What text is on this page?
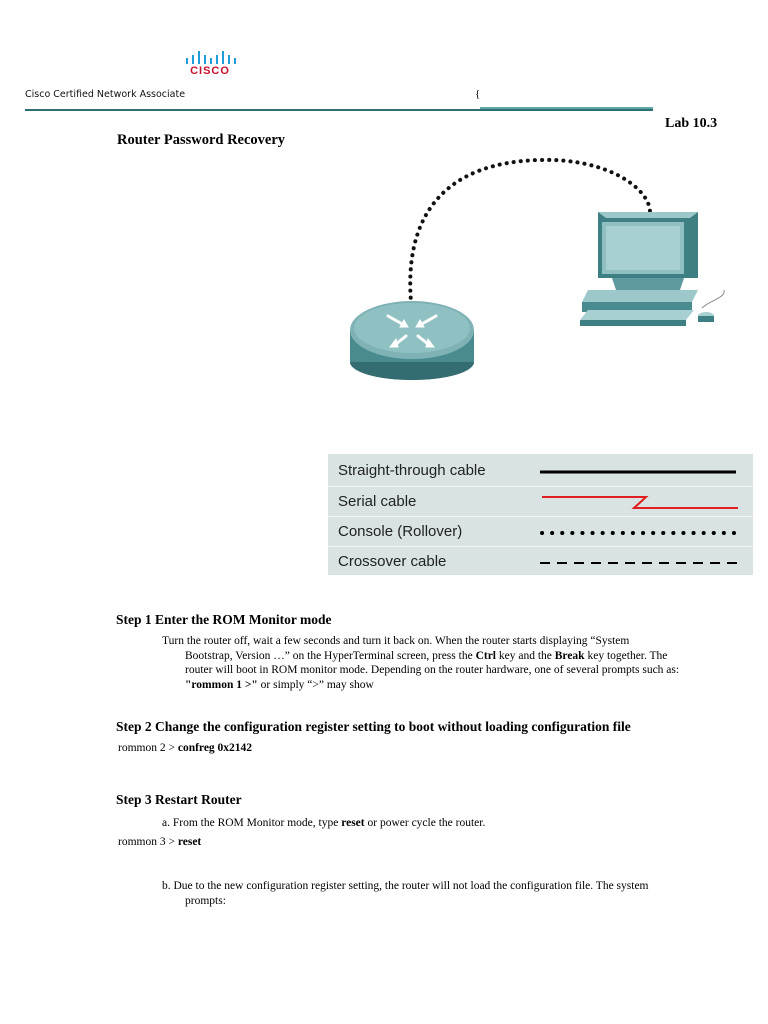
CISCO
Cisco Certified Network Associate	{
Lab 10.3
Router Password Recovery
Straight-through cable
Serial cable
Console (Rollover)
Crossover cable
Step 1 Enter the ROM Monitor mode
Turn the router off, wait a few seconds and turn it back on. When the router starts displaying “System
Bootstrap, Version …” on the HyperTerminal screen, press the Ctrl key and the Break key together. The
router will boot in ROM monitor mode. Depending on the router hardware, one of several prompts such as:
"rommon 1 >" or simply “>” may show
Step 2 Change the configuration register setting to boot without loading configuration file
rommon 2 > confreg 0x2142
Step 3 Restart Router
a. From the ROM Monitor mode, type reset or power cycle the router.
rommon 3 > reset
b. Due to the new configuration register setting, the router will not load the configuration file. The system
prompts:
